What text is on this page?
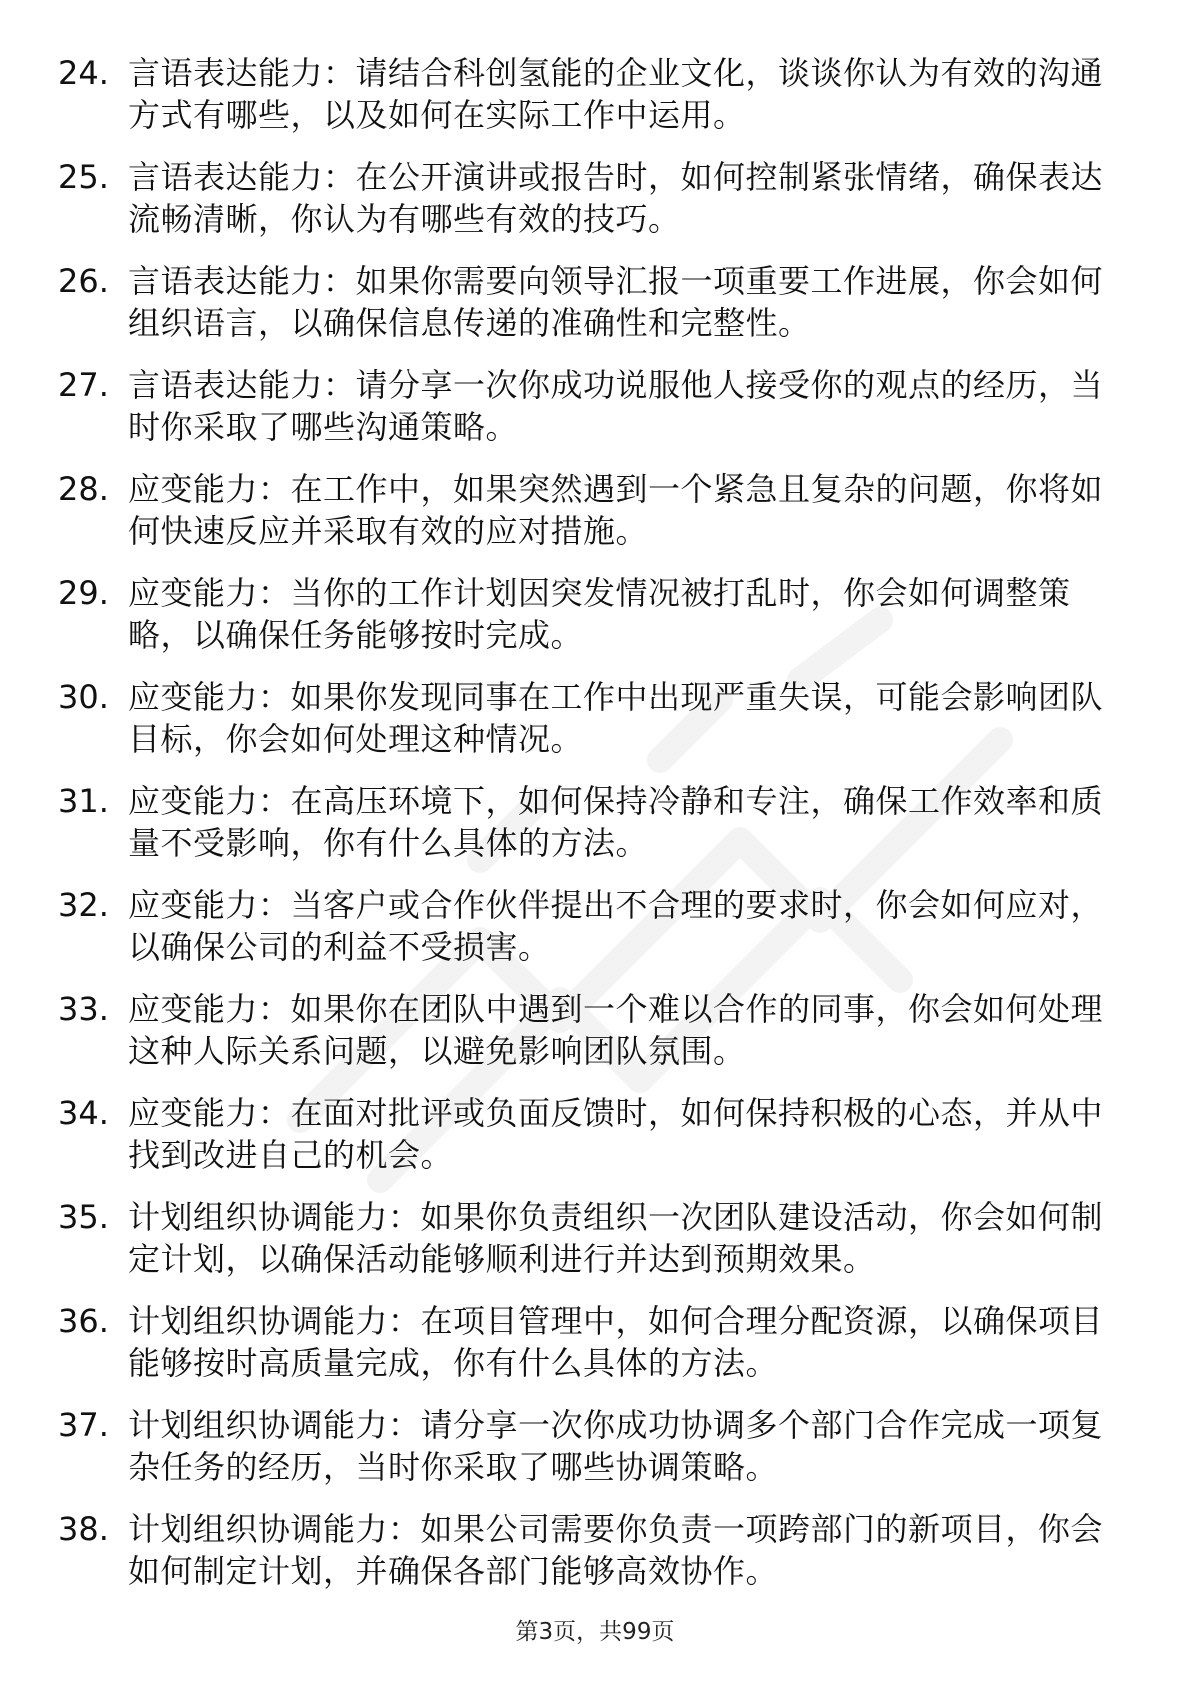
24. 言语表达能力：请结合科创氢能的企业文化，谈谈你认为有效的沟通方式有哪些，以及如何在实际工作中运用。
25. 言语表达能力：在公开演讲或报告时，如何控制紧张情绪，确保表达流畅清晰，你认为有哪些有效的技巧。
26. 言语表达能力：如果你需要向领导汇报一项重要工作进展，你会如何组织语言，以确保信息传递的准确性和完整性。
27. 言语表达能力：请分享一次你成功说服他人接受你的观点的经历，当时你采取了哪些沟通策略。
28. 应变能力：在工作中，如果突然遇到一个紧急且复杂的问题，你将如何快速反应并采取有效的应对措施。
29. 应变能力：当你的工作计划因突发情况被打乱时，你会如何调整策略，以确保任务能够按时完成。
30. 应变能力：如果你发现同事在工作中出现严重失误，可能会影响团队目标，你会如何处理这种情况。
31. 应变能力：在高压环境下，如何保持冷静和专注，确保工作效率和质量不受影响，你有什么具体的方法。
32. 应变能力：当客户或合作伙伴提出不合理的要求时，你会如何应对，以确保公司的利益不受损害。
33. 应变能力：如果你在团队中遇到一个难以合作的同事，你会如何处理这种人际关系问题，以避免影响团队氛围。
34. 应变能力：在面对批评或负面反馈时，如何保持积极的心态，并从中找到改进自己的机会。
35. 计划组织协调能力：如果你负责组织一次团队建设活动，你会如何制定计划，以确保活动能够顺利进行并达到预期效果。
36. 计划组织协调能力：在项目管理中，如何合理分配资源，以确保项目能够按时高质量完成，你有什么具体的方法。
37. 计划组织协调能力：请分享一次你成功协调多个部门合作完成一项复杂任务的经历，当时你采取了哪些协调策略。
38. 计划组织协调能力：如果公司需要你负责一项跨部门的新项目，你会如何制定计划，并确保各部门能够高效协作。
第3页，共99页
